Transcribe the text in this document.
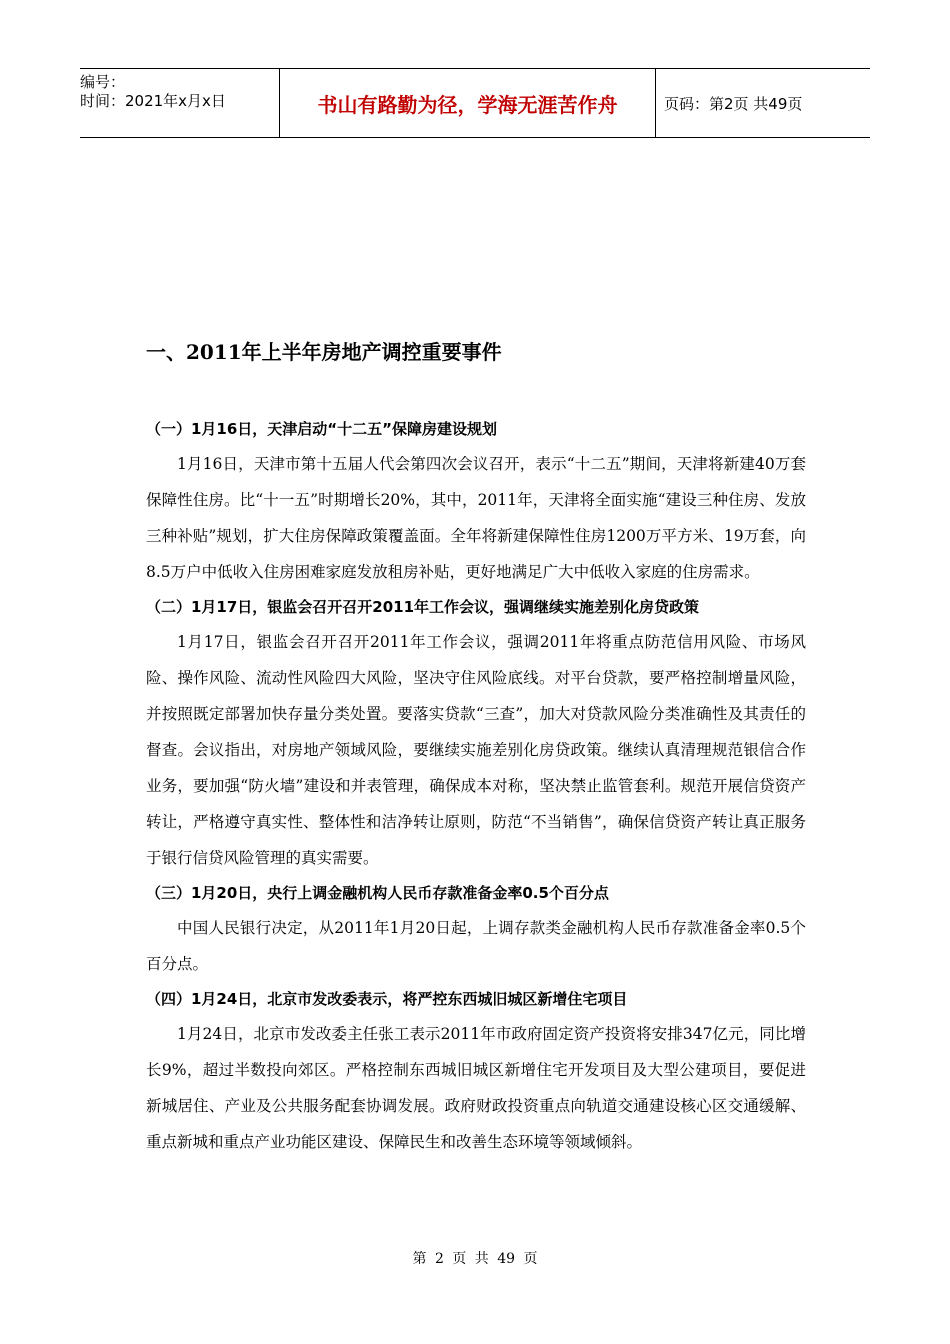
编号：
时间：2021年x月x日	书山有路勤为径，学海无涯苦作舟	页码：第2页 共49页
一、2011年上半年房地产调控重要事件

（一）1月16日，天津启动“十二五”保障房建设规划

1月16日，天津市第十五届人代会第四次会议召开，表示“十二五”期间，天津将新建40万套保障性住房。比“十一五”时期增长20%，其中，2011年，天津将全面实施“建设三种住房、发放三种补贴”规划，扩大住房保障政策覆盖面。全年将新建保障性住房1200万平方米、19万套，向8.5万户中低收入住房困难家庭发放租房补贴，更好地满足广大中低收入家庭的住房需求。

（二）1月17日，银监会召开召开2011年工作会议，强调继续实施差别化房贷政策

1月17日，银监会召开召开2011年工作会议，强调2011年将重点防范信用风险、市场风险、操作风险、流动性风险四大风险，坚决守住风险底线。对平台贷款，要严格控制增量风险，并按照既定部署加快存量分类处置。要落实贷款“三查”，加大对贷款风险分类准确性及其责任的督查。会议指出，对房地产领域风险，要继续实施差别化房贷政策。继续认真清理规范银信合作业务，要加强“防火墙”建设和并表管理，确保成本对称，坚决禁止监管套利。规范开展信贷资产转让，严格遵守真实性、整体性和洁净转让原则，防范“不当销售”，确保信贷资产转让真正服务于银行信贷风险管理的真实需要。

（三）1月20日，央行上调金融机构人民币存款准备金率0.5个百分点

中国人民银行决定，从2011年1月20日起，上调存款类金融机构人民币存款准备金率0.5个百分点。

（四）1月24日，北京市发改委表示，将严控东西城旧城区新增住宅项目

1月24日，北京市发改委主任张工表示2011年市政府固定资产投资将安排347亿元，同比增长9%，超过半数投向郊区。严格控制东西城旧城区新增住宅开发项目及大型公建项目，要促进新城居住、产业及公共服务配套协调发展。政府财政投资重点向轨道交通建设核心区交通缓解、重点新城和重点产业功能区建设、保障民生和改善生态环境等领域倾斜。

第 2 页 共 49 页
